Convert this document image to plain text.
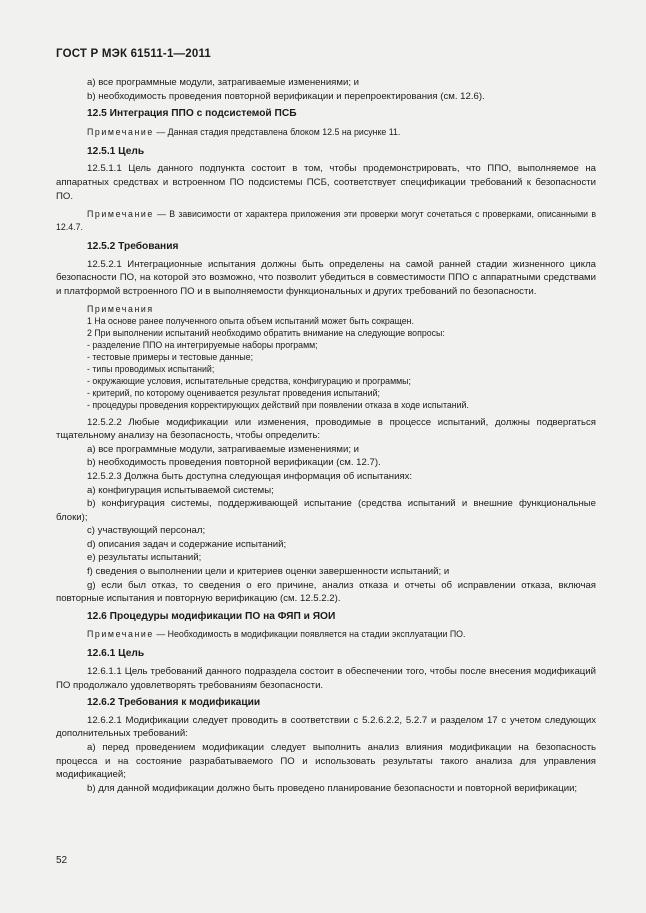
ГОСТ Р МЭК 61511-1—2011
a) все программные модули, затрагиваемые изменениями; и
b) необходимость проведения повторной верификации и перепроектирования (см. 12.6).
12.5 Интеграция ППО с подсистемой ПСБ
Примечание — Данная стадия представлена блоком 12.5 на рисунке 11.
12.5.1 Цель
12.5.1.1 Цель данного подпункта состоит в том, чтобы продемонстрировать, что ППО, выполняемое на аппаратных средствах и встроенном ПО подсистемы ПСБ, соответствует спецификации требований к безопасности ПО.
Примечание — В зависимости от характера приложения эти проверки могут сочетаться с проверками, описанными в 12.4.7.
12.5.2 Требования
12.5.2.1 Интеграционные испытания должны быть определены на самой ранней стадии жизненного цикла безопасности ПО, на которой это возможно, что позволит убедиться в совместимости ППО с аппаратными средствами и платформой встроенного ПО и в выполняемости функциональных и других требований по безопасности.
Примечания
1 На основе ранее полученного опыта объем испытаний может быть сокращен.
2 При выполнении испытаний необходимо обратить внимание на следующие вопросы:
- разделение ППО на интегрируемые наборы программ;
- тестовые примеры и тестовые данные;
- типы проводимых испытаний;
- окружающие условия, испытательные средства, конфигурацию и программы;
- критерий, по которому оценивается результат проведения испытаний;
- процедуры проведения корректирующих действий при появлении отказа в ходе испытаний.
12.5.2.2 Любые модификации или изменения, проводимые в процессе испытаний, должны подвергаться тщательному анализу на безопасность, чтобы определить:
a) все программные модули, затрагиваемые изменениями; и
b) необходимость проведения повторной верификации (см. 12.7).
12.5.2.3 Должна быть доступна следующая информация об испытаниях:
a) конфигурация испытываемой системы;
b) конфигурация системы, поддерживающей испытание (средства испытаний и внешние функциональные блоки);
c) участвующий персонал;
d) описания задач и содержание испытаний;
e) результаты испытаний;
f) сведения о выполнении цели и критериев оценки завершенности испытаний; и
g) если был отказ, то сведения о его причине, анализ отказа и отчеты об исправлении отказа, включая повторные испытания и повторную верификацию (см. 12.5.2.2).
12.6 Процедуры модификации ПО на ФЯП и ЯОИ
Примечание — Необходимость в модификации появляется на стадии эксплуатации ПО.
12.6.1 Цель
12.6.1.1 Цель требований данного подраздела состоит в обеспечении того, чтобы после внесения модификаций ПО продолжало удовлетворять требованиям безопасности.
12.6.2 Требования к модификации
12.6.2.1 Модификации следует проводить в соответствии с 5.2.6.2.2, 5.2.7 и разделом 17 с учетом следующих дополнительных требований:
a) перед проведением модификации следует выполнить анализ влияния модификации на безопасность процесса и на состояние разрабатываемого ПО и использовать результаты такого анализа для управления модификацией;
b) для данной модификации должно быть проведено планирование безопасности и повторной верификации;
52
